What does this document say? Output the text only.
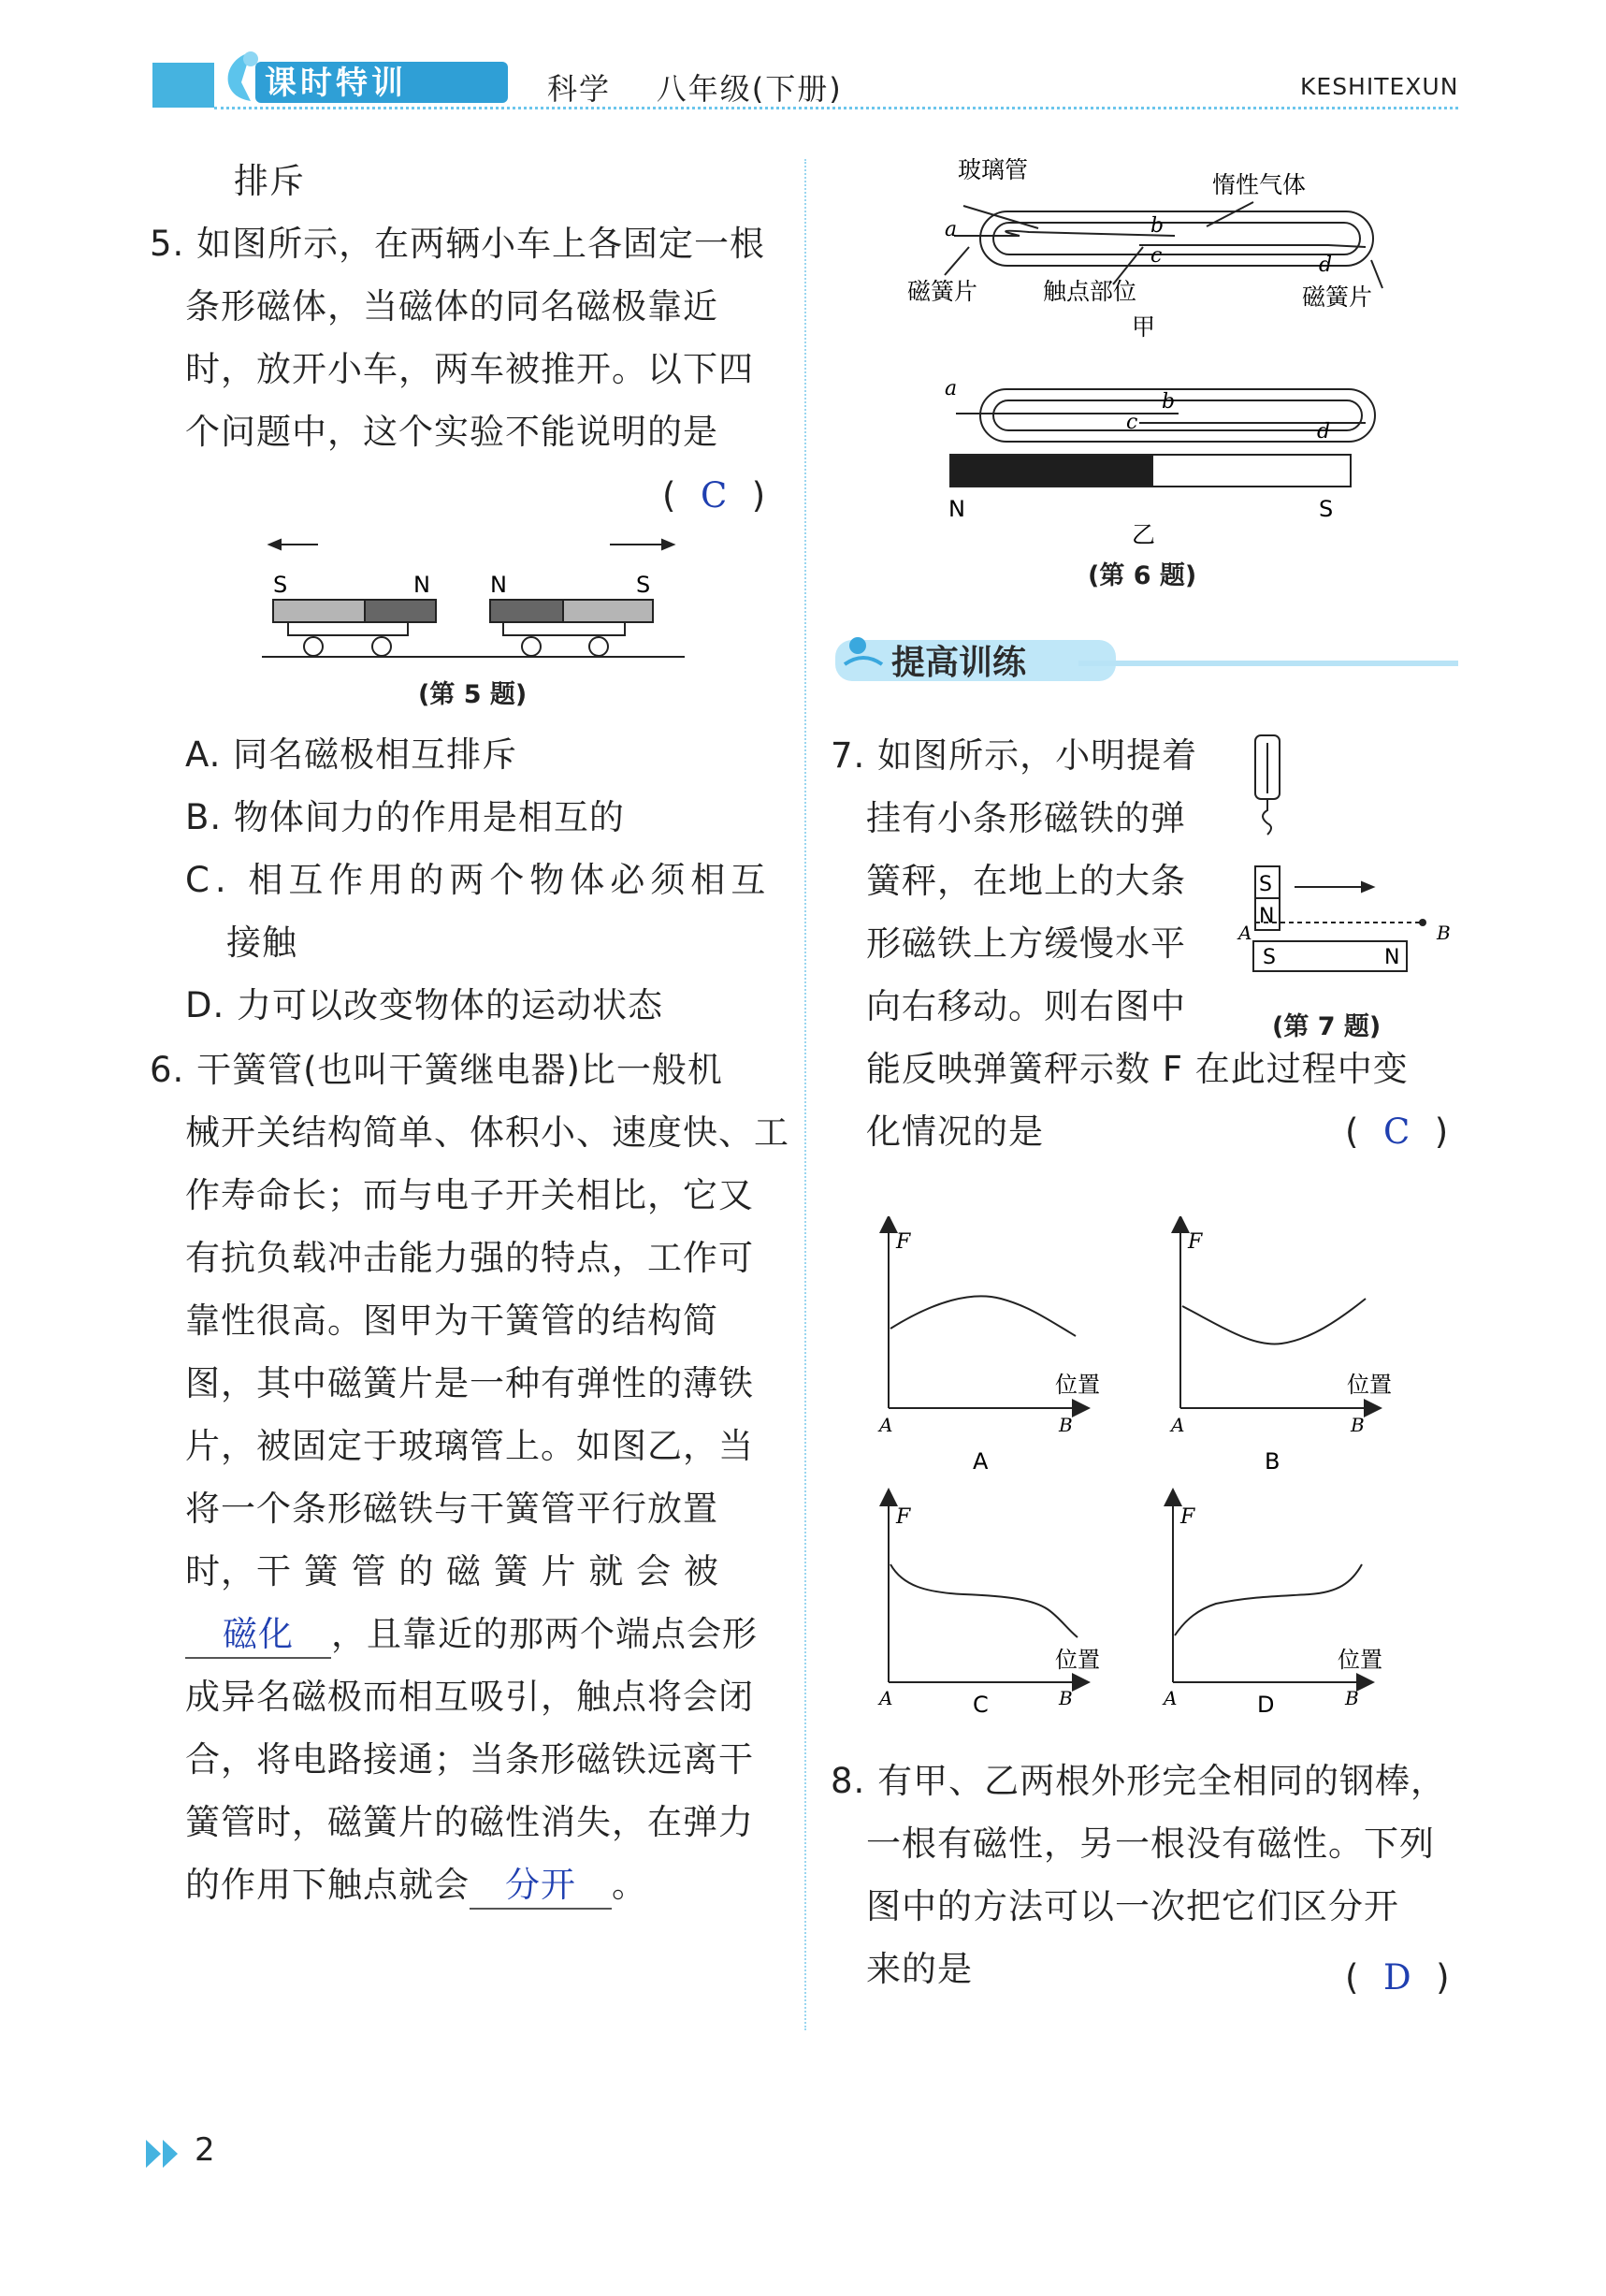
课时特训	科学 八年级(下册)	KESHITEXUN
排斥
5. 如图所示，在两辆小车上各固定一根
条形磁体，当磁体的同名磁极靠近
时，放开小车，两车被推开。以下四
个问题中，这个实验不能说明的是
(  C  )
S	N	N	S
(第 5 题)
A. 同名磁极相互排斥
B. 物体间力的作用是相互的
C. 相互作用的两个物体必须相互
接触
D. 力可以改变物体的运动状态
6. 干簧管(也叫干簧继电器)比一般机
械开关结构简单、体积小、速度快、工
作寿命长；而与电子开关相比，它又
有抗负载冲击能力强的特点，工作可
靠性很高。图甲为干簧管的结构简
图，其中磁簧片是一种有弹性的薄铁
片，被固定于玻璃管上。如图乙，当
将一个条形磁铁与干簧管平行放置
时，干 簧 管 的 磁 簧 片 就 会 被
磁化 ，且靠近的那两个端点会形
成异名磁极而相互吸引，触点将会闭
合，将电路接通；当条形磁铁远离干
簧管时，磁簧片的磁性消失，在弹力
的作用下触点就会 分开 。
玻璃管
惰性气体
a	b
c	d
磁簧片	触点部位	磁簧片
甲
a
b
c	d
N	S
乙
(第 6 题)
提高训练
7. 如图所示，小明提着
挂有小条形磁铁的弹
簧秤，在地上的大条
形磁铁上方缓慢水平
向右移动。则右图中
能反映弹簧秤示数 F 在此过程中变
化情况的是	(  C  )
S
N
S	N
A	B
(第 7 题)
F
位置
A	B
A
F
位置
A	B
B
F
位置
A	B
C
F
位置
A	B
D
8. 有甲、乙两根外形完全相同的钢棒，
一根有磁性，另一根没有磁性。下列
图中的方法可以一次把它们区分开
来的是	(  D  )
2
